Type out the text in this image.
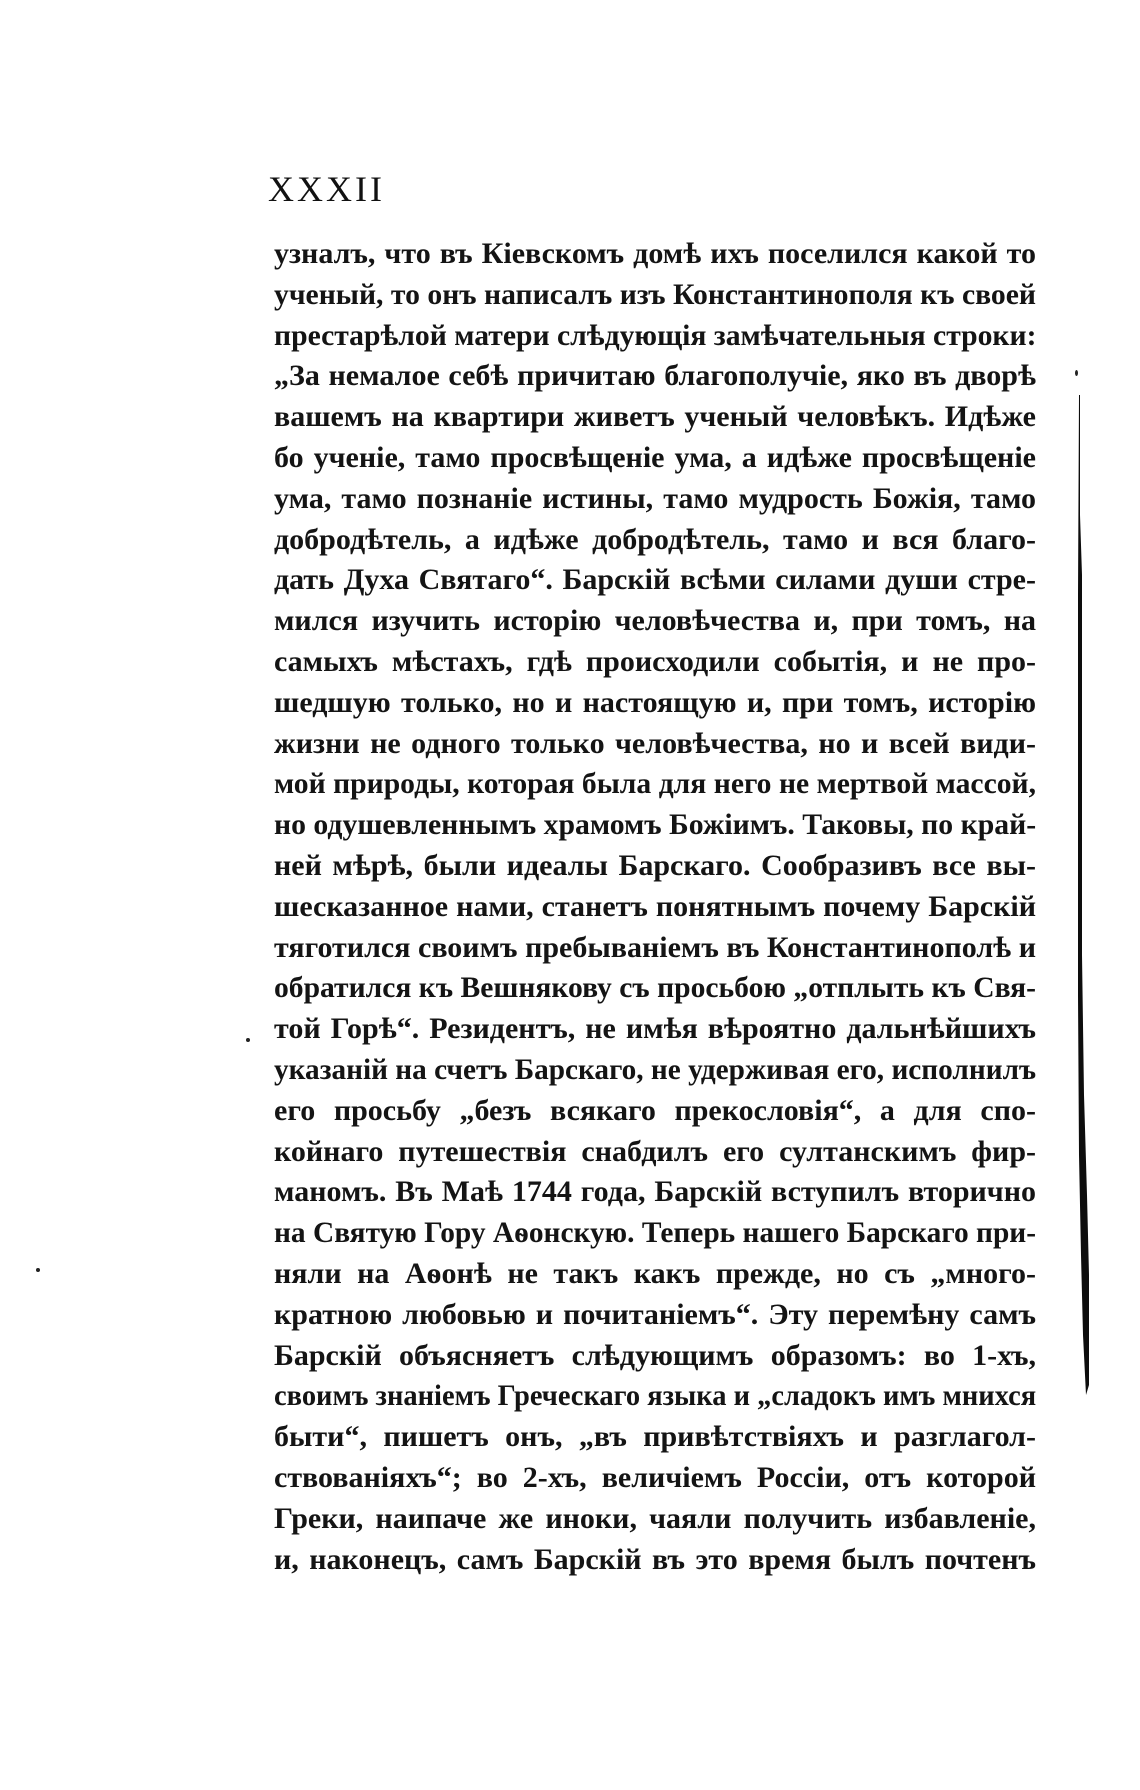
XXXII
узналъ, что въ Кіевскомъ домѣ ихъ поселился какой то
ученый, то онъ написалъ изъ Константинополя къ своей
престарѣлой матери слѣдующія замѣчательныя строки:
„За немалое себѣ причитаю благополучіе, яко въ дворѣ
вашемъ на квартири живетъ ученый человѣкъ. Идѣже
бо ученіе, тамо просвѣщеніе ума, а идѣже просвѣщеніе
ума, тамо познаніе истины, тамо мудрость Божія, тамо
добродѣтель, а идѣже добродѣтель, тамо и вся благо-
дать Духа Святаго“. Барскій всѣми силами души стре-
мился изучить исторію человѣчества и, при томъ, на
самыхъ мѣстахъ, гдѣ происходили событія, и не про-
шедшую только, но и настоящую и, при томъ, исторію
жизни не одного только человѣчества, но и всей види-
мой природы, которая была для него не мертвой массой,
но одушевленнымъ храмомъ Божіимъ. Таковы, по край-
ней мѣрѣ, были идеалы Барскаго. Сообразивъ все вы-
шесказанное нами, станетъ понятнымъ почему Барскій
тяготился своимъ пребываніемъ въ Константинополѣ и
обратился къ Вешнякову съ просьбою „отплыть къ Свя-
той Горѣ“. Резидентъ, не имѣя вѣроятно дальнѣйшихъ
указаній на счетъ Барскаго, не удерживая его, исполнилъ
его просьбу „безъ всякаго прекословія“, а для спо-
койнаго путешествія снабдилъ его султанскимъ фир-
маномъ. Въ Маѣ 1744 года, Барскій вступилъ вторично
на Святую Гору Аѳонскую. Теперь нашего Барскаго при-
няли на Аѳонѣ не такъ какъ прежде, но съ „много-
кратною любовью и почитаніемъ“. Эту перемѣну самъ
Барскій объясняетъ слѣдующимъ образомъ: во 1-хъ,
своимъ знаніемъ Греческаго языка и „сладокъ имъ мнихся
быти“, пишетъ онъ, „въ привѣтствіяхъ и разглагол-
ствованіяхъ“; во 2-хъ, величіемъ Россіи, отъ которой
Греки, наипаче же иноки, чаяли получить избавленіе,
и, наконецъ, самъ Барскій въ это время былъ почтенъ
